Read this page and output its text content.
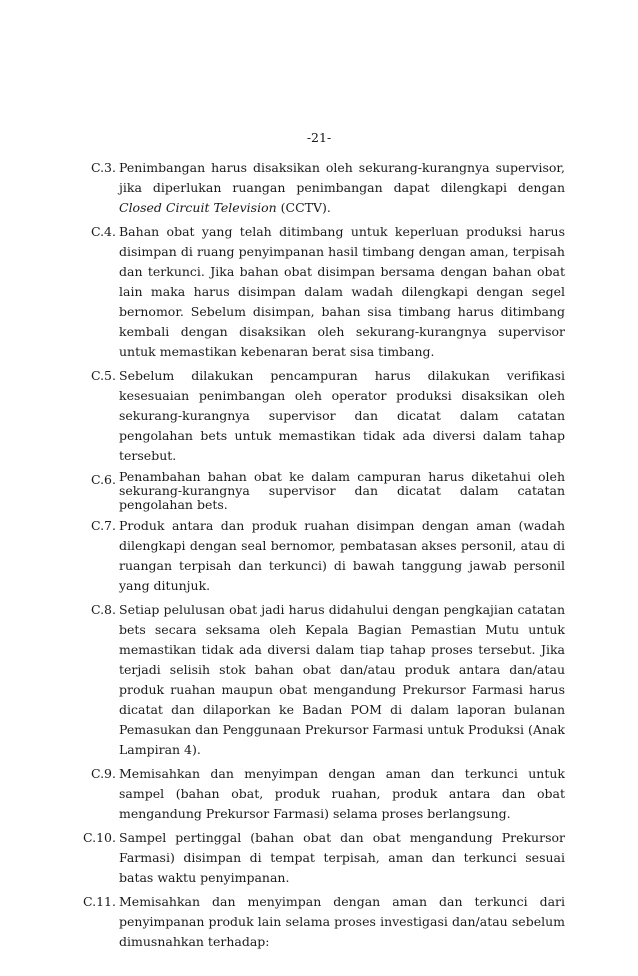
-21-
C.3. Penimbangan harus disaksikan oleh sekurang-kurangnya supervisor, jika diperlukan ruangan penimbangan dapat dilengkapi dengan Closed Circuit Television (CCTV).
C.4. Bahan obat yang telah ditimbang untuk keperluan produksi harus disimpan di ruang penyimpanan hasil timbang dengan aman, terpisah dan terkunci. Jika bahan obat disimpan bersama dengan bahan obat lain maka harus disimpan dalam wadah dilengkapi dengan segel bernomor. Sebelum disimpan, bahan sisa timbang harus ditimbang kembali dengan disaksikan oleh sekurang-kurangnya supervisor untuk memastikan kebenaran berat sisa timbang.
C.5. Sebelum dilakukan pencampuran harus dilakukan verifikasi kesesuaian penimbangan oleh operator produksi disaksikan oleh sekurang-kurangnya supervisor dan dicatat dalam catatan pengolahan bets untuk memastikan tidak ada diversi dalam tahap tersebut.
C.6. Penambahan bahan obat ke dalam campuran harus diketahui oleh sekurang-kurangnya supervisor dan dicatat dalam catatan pengolahan bets.
C.7. Produk antara dan produk ruahan disimpan dengan aman (wadah dilengkapi dengan seal bernomor, pembatasan akses personil, atau di ruangan terpisah dan terkunci) di bawah tanggung jawab personil yang ditunjuk.
C.8. Setiap pelulusan obat jadi harus didahului dengan pengkajian catatan bets secara seksama oleh Kepala Bagian Pemastian Mutu untuk memastikan tidak ada diversi dalam tiap tahap proses tersebut. Jika terjadi selisih stok bahan obat dan/atau produk antara dan/atau produk ruahan maupun obat mengandung Prekursor Farmasi harus dicatat dan dilaporkan ke Badan POM di dalam laporan bulanan Pemasukan dan Penggunaan Prekursor Farmasi untuk Produksi (Anak Lampiran 4).
C.9. Memisahkan dan menyimpan dengan aman dan terkunci untuk sampel (bahan obat, produk ruahan, produk antara dan obat mengandung Prekursor Farmasi) selama proses berlangsung.
C.10. Sampel pertinggal (bahan obat dan obat mengandung Prekursor Farmasi) disimpan di tempat terpisah, aman dan terkunci sesuai batas waktu penyimpanan.
C.11. Memisahkan dan menyimpan dengan aman dan terkunci dari penyimpanan produk lain selama proses investigasi dan/atau sebelum dimusnahkan terhadap:
